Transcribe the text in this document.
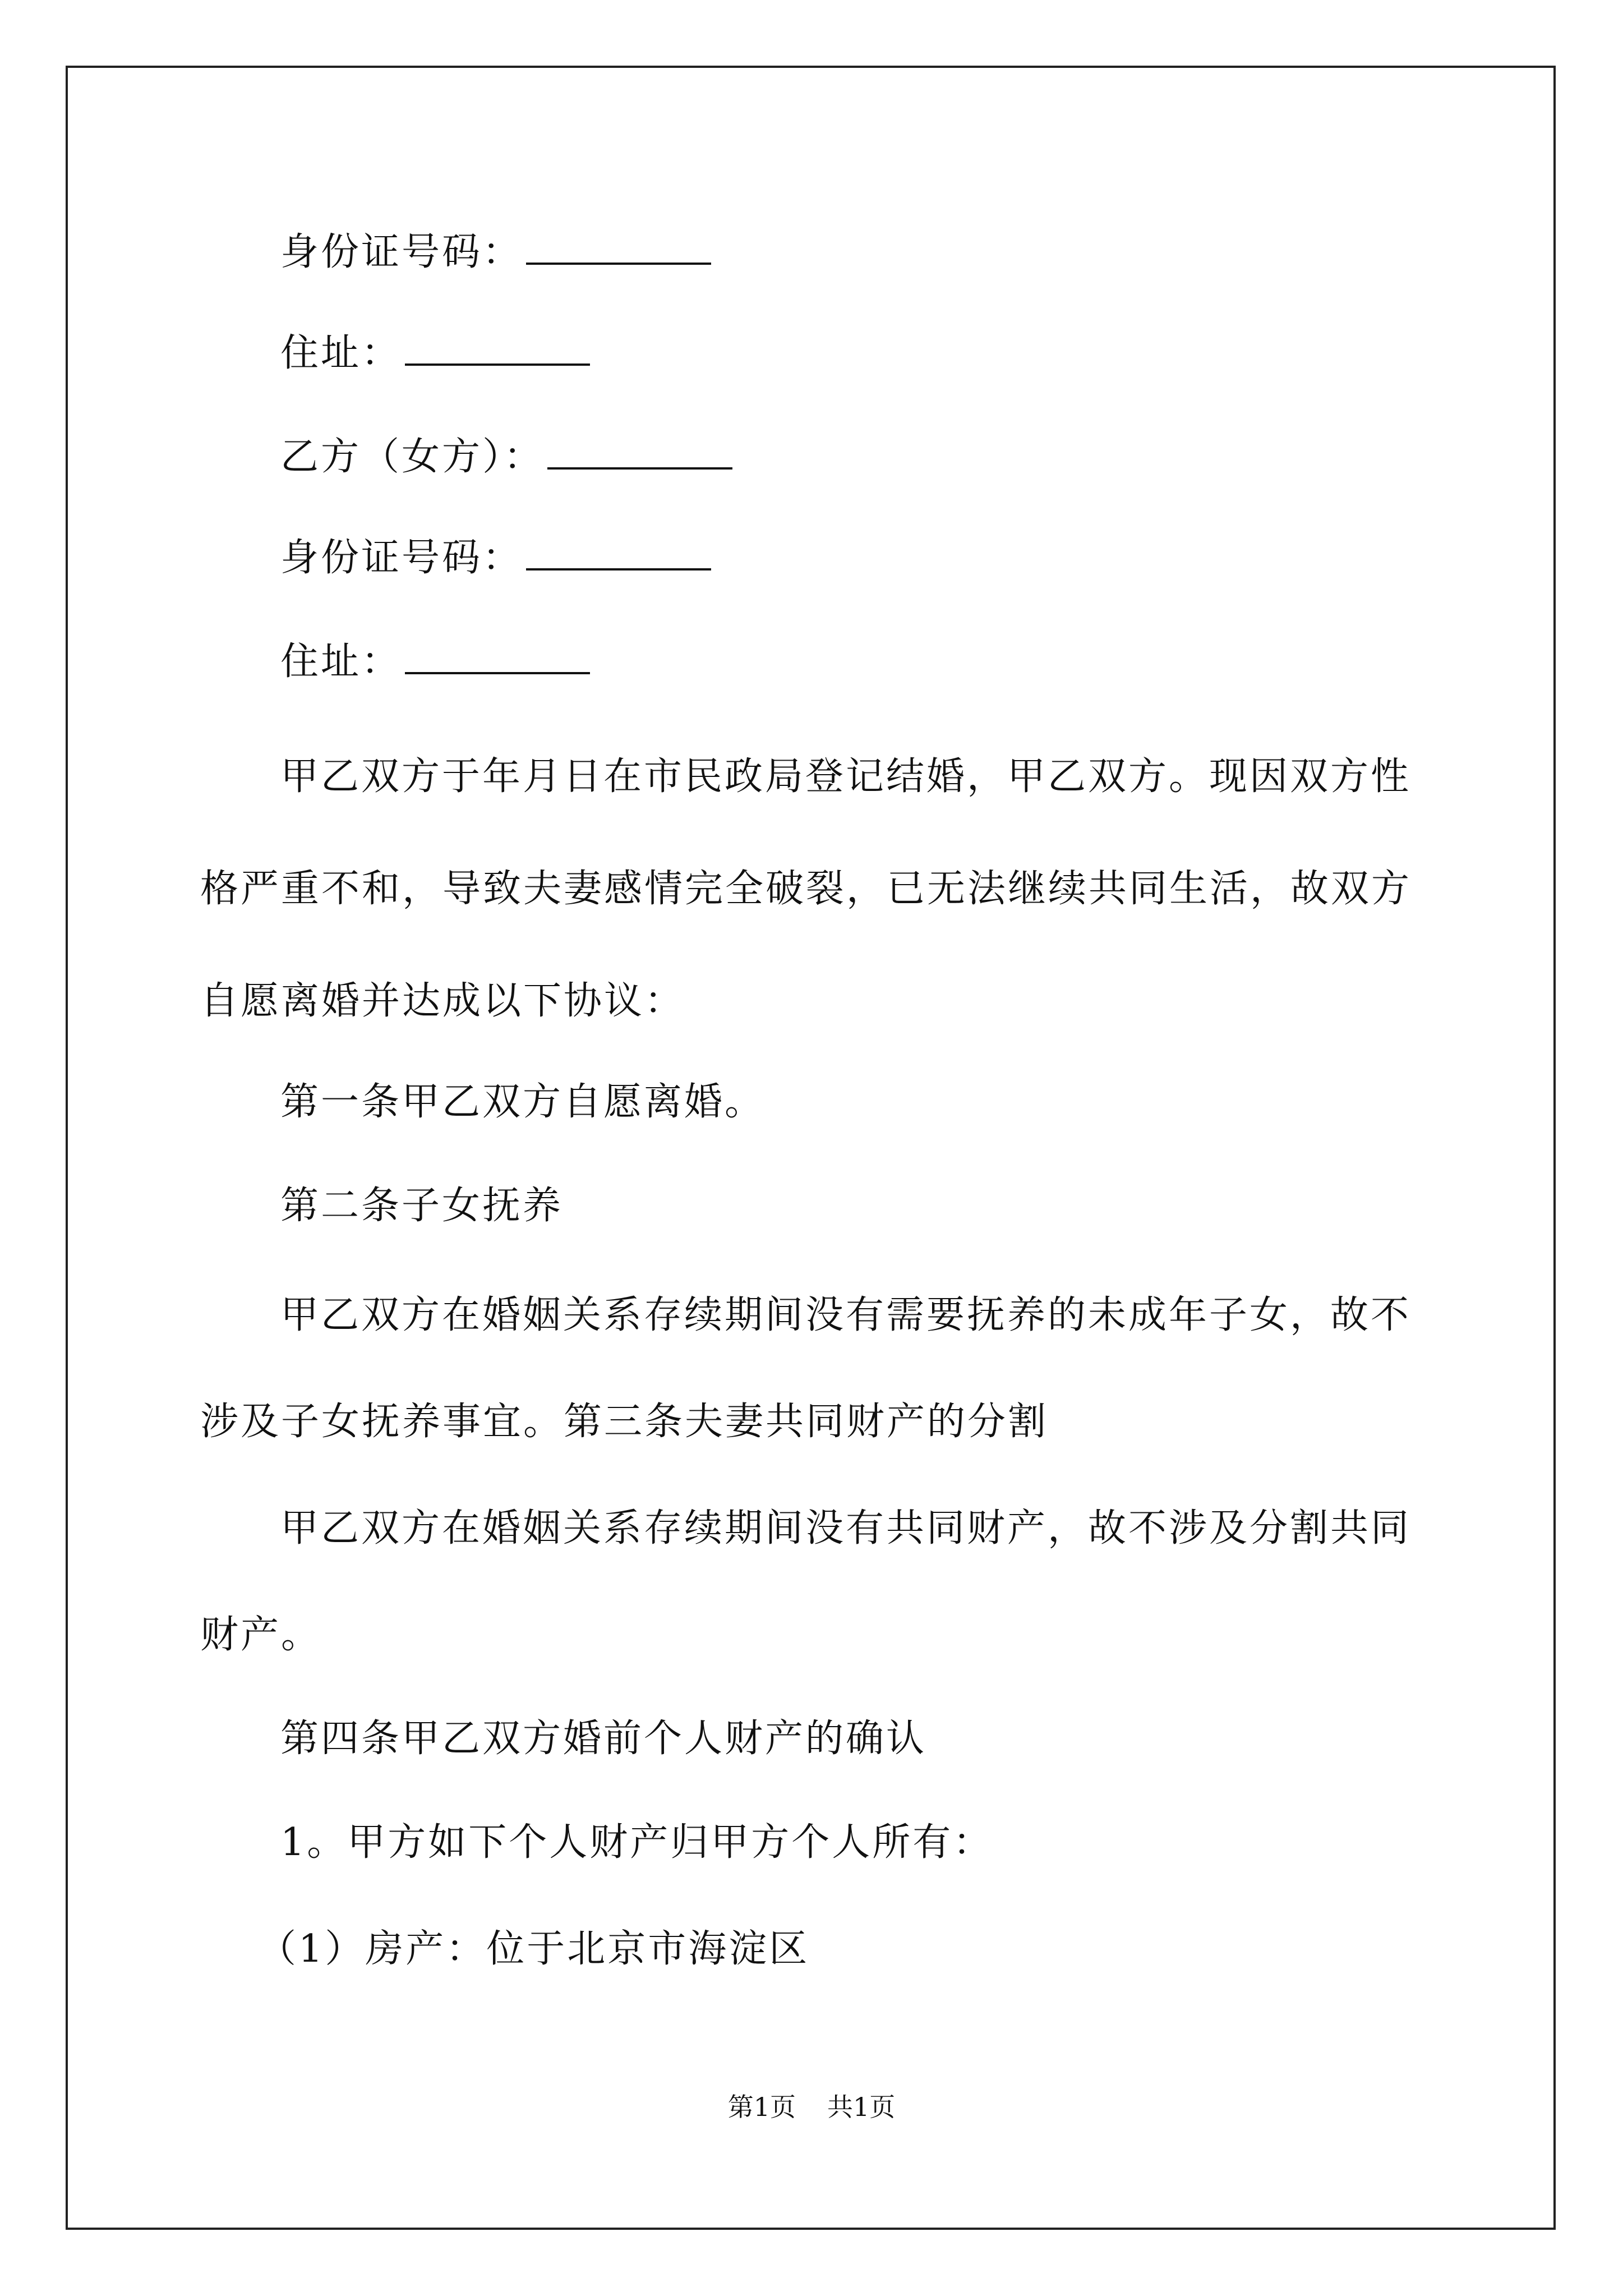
身份证号码：
住址：
乙方（女方）：
身份证号码：
住址：
甲乙双方于年月日在市民政局登记结婚，甲乙双方。现因双方性
格严重不和，导致夫妻感情完全破裂，已无法继续共同生活，故双方
自愿离婚并达成以下协议：
第一条甲乙双方自愿离婚。
第二条子女抚养
甲乙双方在婚姻关系存续期间没有需要抚养的未成年子女，故不
涉及子女抚养事宜。第三条夫妻共同财产的分割
甲乙双方在婚姻关系存续期间没有共同财产，故不涉及分割共同
财产。
第四条甲乙双方婚前个人财产的确认
1。甲方如下个人财产归甲方个人所有：
（1）房产：位于北京市海淀区
第1页 共1页
